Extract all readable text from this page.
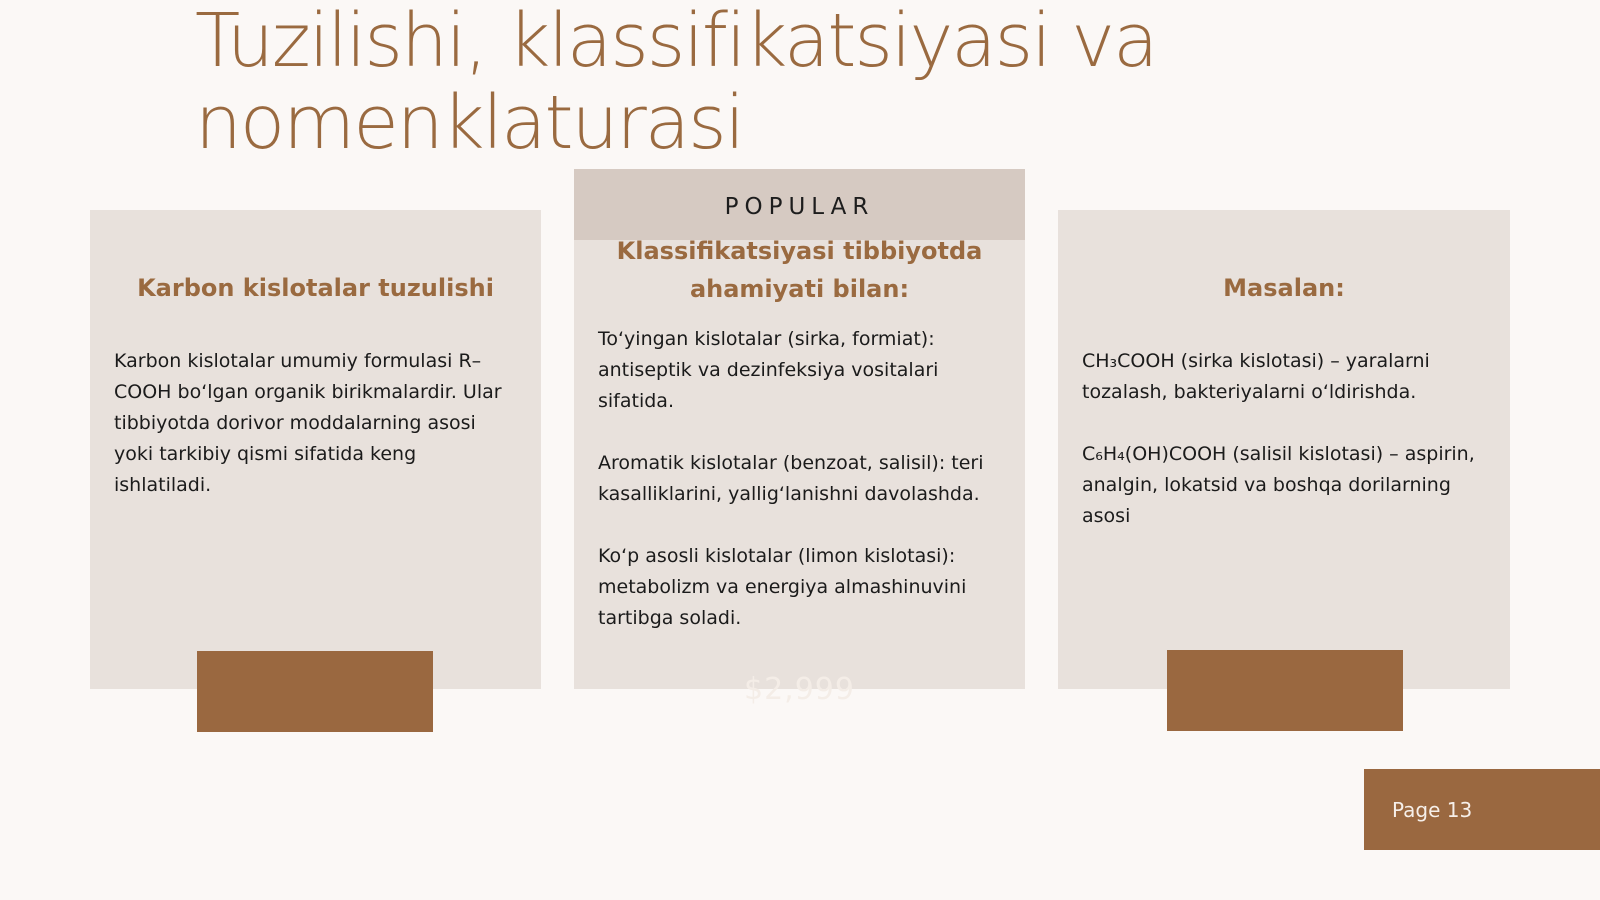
Tuzilishi, klassifikatsiyasi va
nomenklaturasi
Karbon kislotalar tuzulishi

Karbon kislotalar umumiy formulasi R–COOH bo‘lgan organik birikmalardir. Ular tibbiyotda dorivor moddalarning asosi yoki tarkibiy qismi sifatida keng ishlatiladi.

POPULAR
Klassifikatsiyasi tibbiyotda ahamiyati bilan:

To‘yingan kislotalar (sirka, formiat): antiseptik va dezinfeksiya vositalari sifatida.

Aromatik kislotalar (benzoat, salisil): teri kasalliklarini, yallig‘lanishni davolashda.

Ko‘p asosli kislotalar (limon kislotasi): metabolizm va energiya almashinuvini tartibga soladi.

$2,999
Masalan:

CH₃COOH (sirka kislotasi) – yaralarni tozalash, bakteriyalarni o‘ldirishda.

C₆H₄(OH)COOH (salisil kislotasi) – aspirin, analgin, lokatsid va boshqa dorilarning asosi

Page 13
